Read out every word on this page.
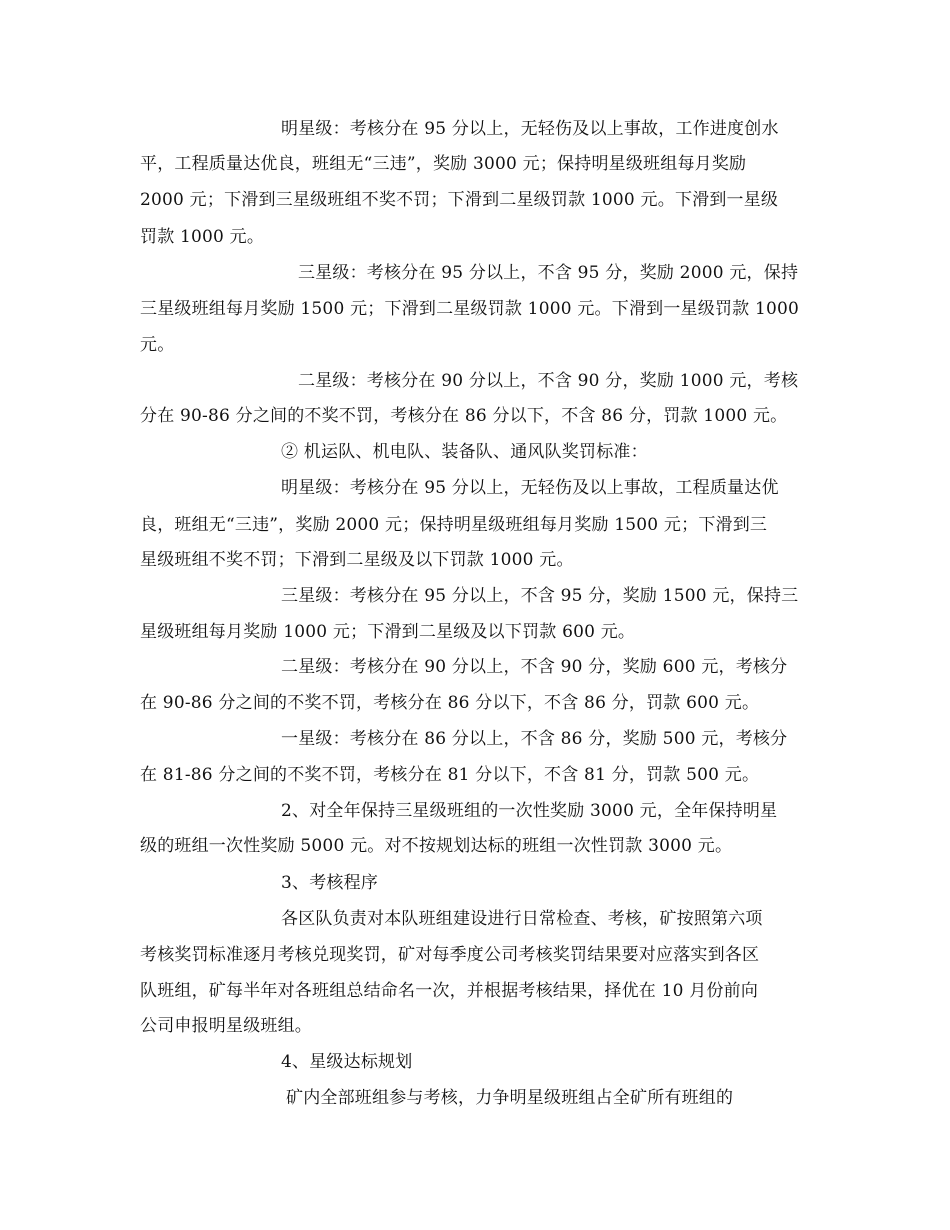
明星级：考核分在 95 分以上，无轻伤及以上事故，工作进度创水
平，工程质量达优良，班组无“三违”，奖励 3000 元；保持明星级班组每月奖励
2000 元；下滑到三星级班组不奖不罚；下滑到二星级罚款 1000 元。下滑到一星级
罚款 1000 元。
三星级：考核分在 95 分以上，不含 95 分，奖励 2000 元，保持
三星级班组每月奖励 1500 元；下滑到二星级罚款 1000 元。下滑到一星级罚款 1000
元。
二星级：考核分在 90 分以上，不含 90 分，奖励 1000 元，考核
分在 90-86 分之间的不奖不罚，考核分在 86 分以下，不含 86 分，罚款 1000 元。
② 机运队、机电队、装备队、通风队奖罚标准：
明星级：考核分在 95 分以上，无轻伤及以上事故，工程质量达优
良，班组无“三违”，奖励 2000 元；保持明星级班组每月奖励 1500 元；下滑到三
星级班组不奖不罚；下滑到二星级及以下罚款 1000 元。
三星级：考核分在 95 分以上，不含 95 分，奖励 1500 元，保持三
星级班组每月奖励 1000 元；下滑到二星级及以下罚款 600 元。
二星级：考核分在 90 分以上，不含 90 分，奖励 600 元，考核分
在 90-86 分之间的不奖不罚，考核分在 86 分以下，不含 86 分，罚款 600 元。
一星级：考核分在 86 分以上，不含 86 分，奖励 500 元，考核分
在 81-86 分之间的不奖不罚，考核分在 81 分以下，不含 81 分，罚款 500 元。
2、对全年保持三星级班组的一次性奖励 3000 元，全年保持明星
级的班组一次性奖励 5000 元。对不按规划达标的班组一次性罚款 3000 元。
3、考核程序
各区队负责对本队班组建设进行日常检查、考核，矿按照第六项
考核奖罚标准逐月考核兑现奖罚，矿对每季度公司考核奖罚结果要对应落实到各区
队班组，矿每半年对各班组总结命名一次，并根据考核结果，择优在 10 月份前向
公司申报明星级班组。
4、星级达标规划
矿内全部班组参与考核，力争明星级班组占全矿所有班组的
